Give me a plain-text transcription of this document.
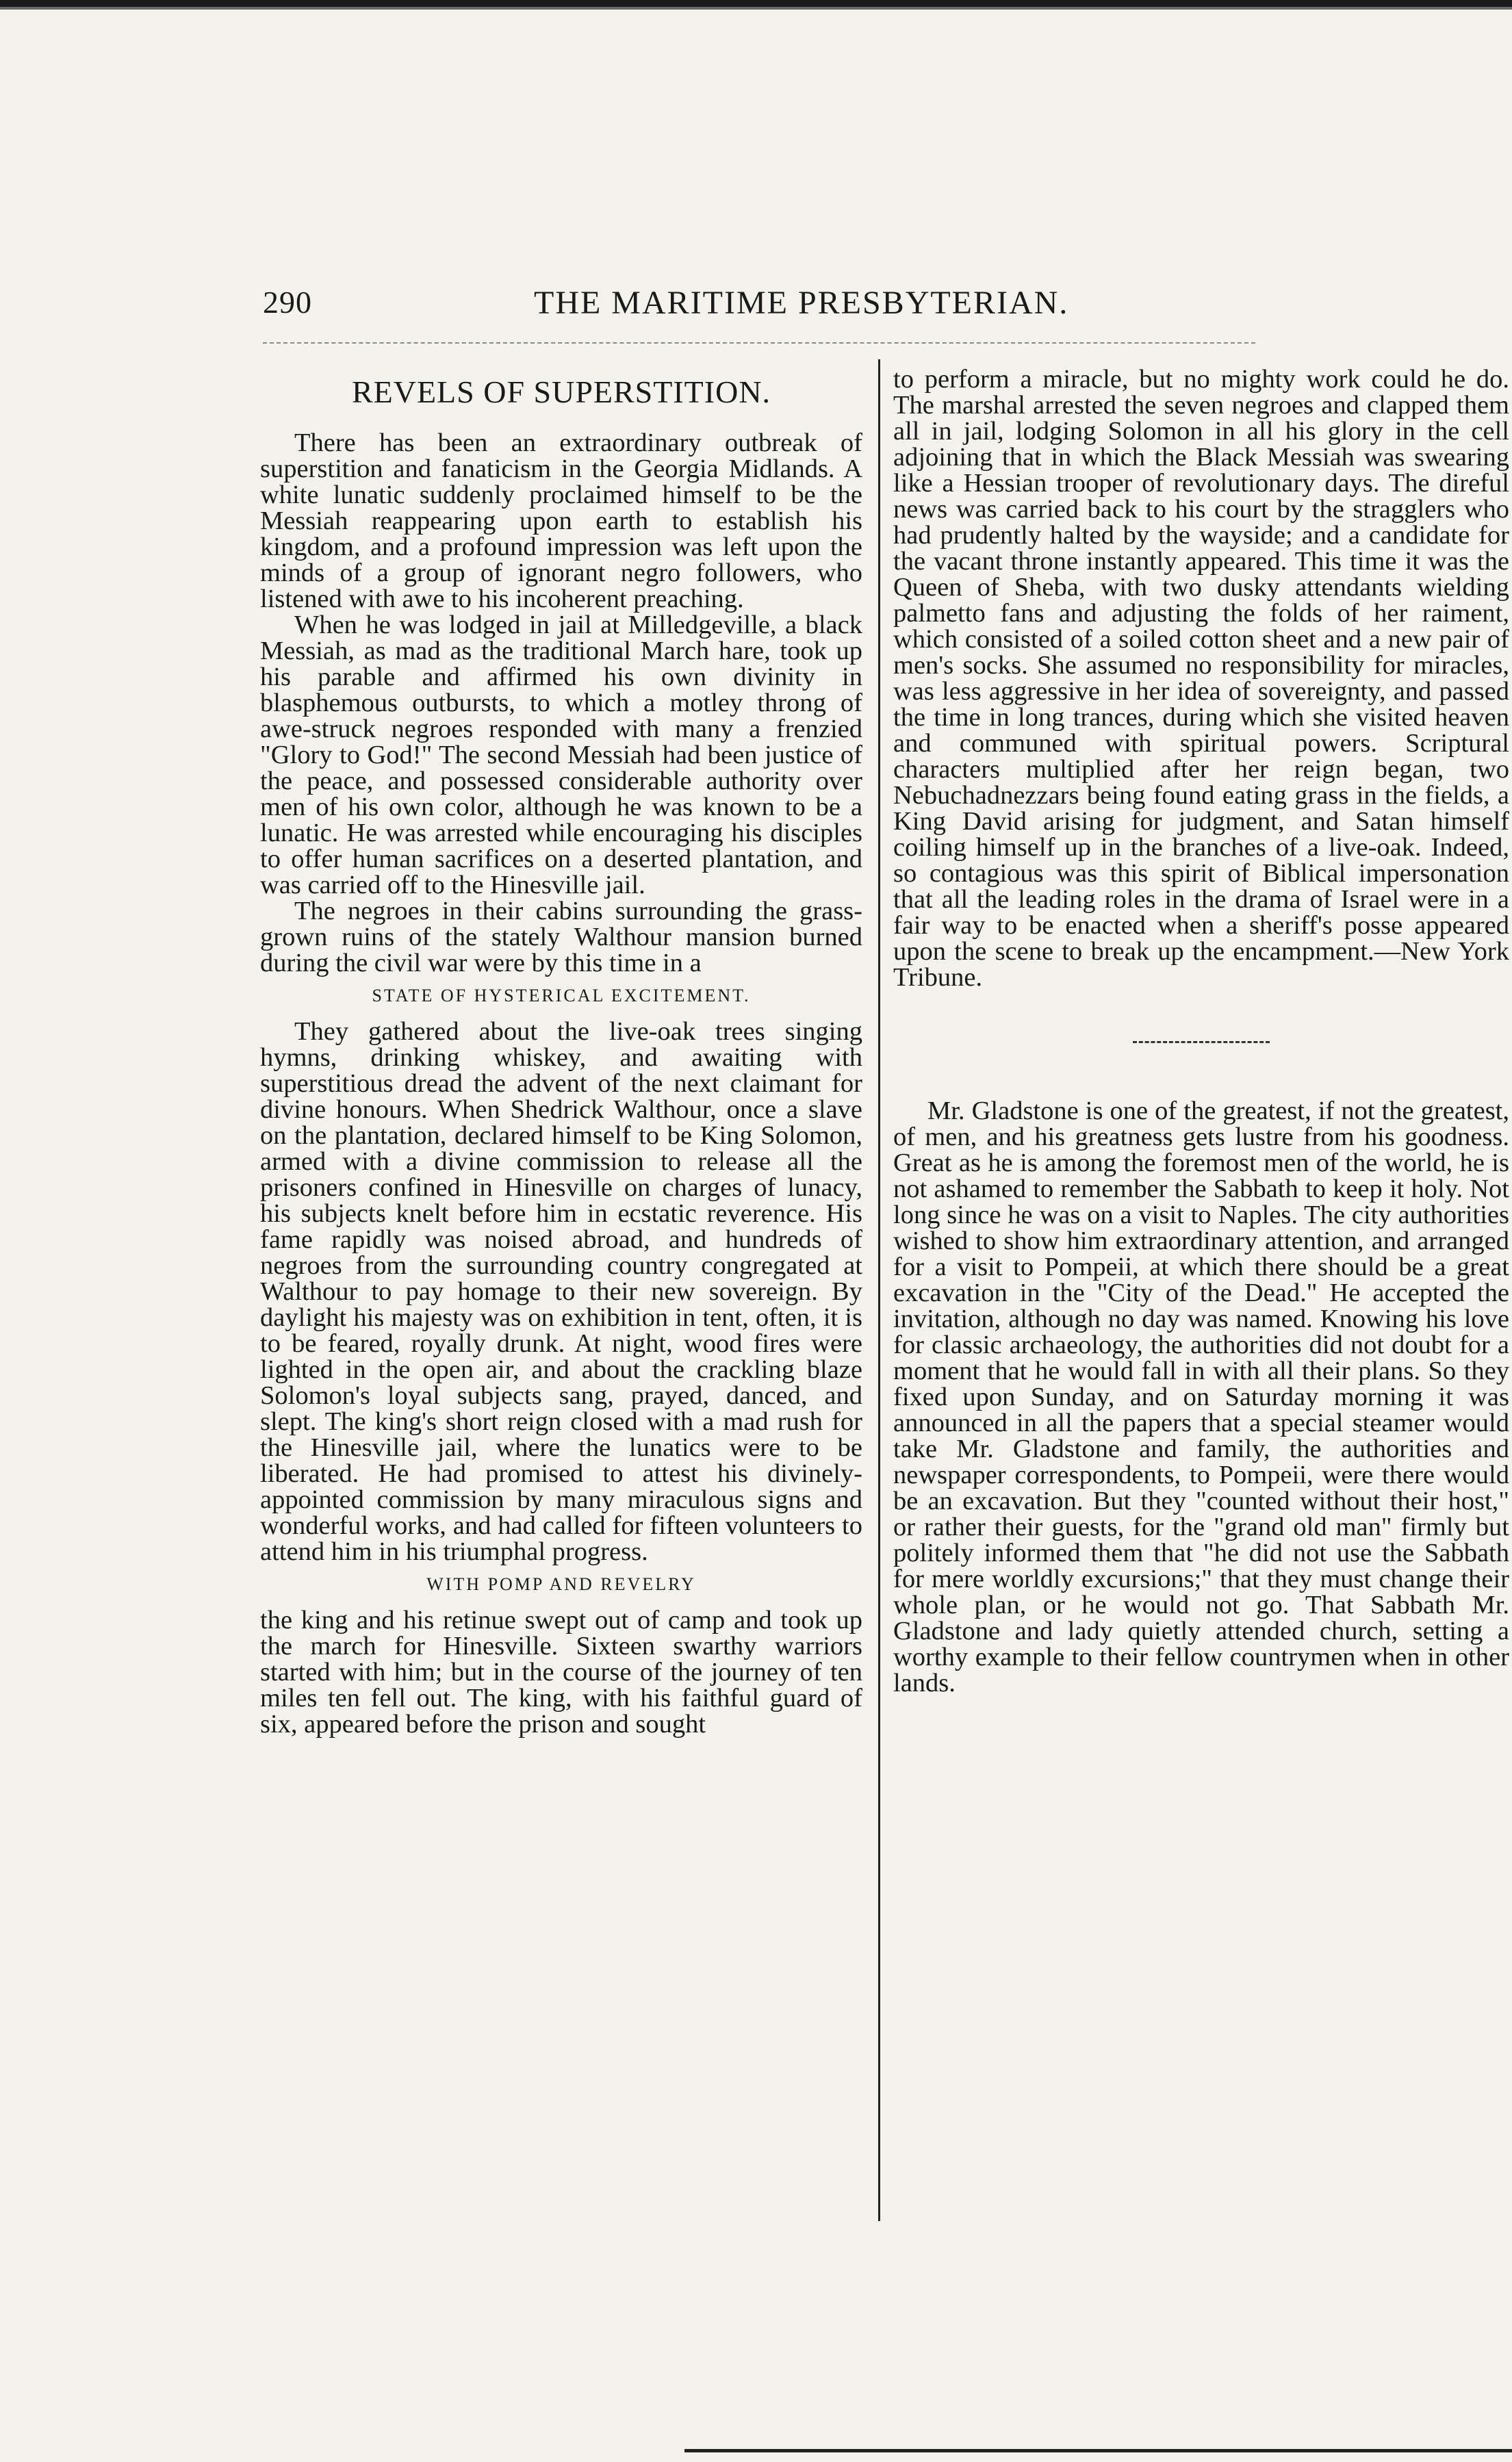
290	THE MARITIME PRESBYTERIAN.
REVELS OF SUPERSTITION.

There has been an extraordinary outbreak of superstition and fanaticism in the Georgia Midlands. A white lunatic suddenly proclaimed himself to be the Messiah reappearing upon earth to establish his kingdom, and a profound impression was left upon the minds of a group of ignorant negro followers, who listened with awe to his incoherent preaching.

When he was lodged in jail at Milledgeville, a black Messiah, as mad as the traditional March hare, took up his parable and affirmed his own divinity in blasphemous outbursts, to which a motley throng of awe-struck negroes responded with many a frenzied "Glory to God!" The second Messiah had been justice of the peace, and possessed considerable authority over men of his own color, although he was known to be a lunatic. He was arrested while encouraging his disciples to offer human sacrifices on a deserted plantation, and was carried off to the Hinesville jail.

The negroes in their cabins surrounding the grass-grown ruins of the stately Walthour mansion burned during the civil war were by this time in a

STATE OF HYSTERICAL EXCITEMENT.

They gathered about the live-oak trees singing hymns, drinking whiskey, and awaiting with superstitious dread the advent of the next claimant for divine honours. When Shedrick Walthour, once a slave on the plantation, declared himself to be King Solomon, armed with a divine commission to release all the prisoners confined in Hinesville on charges of lunacy, his subjects knelt before him in ecstatic reverence. His fame rapidly was noised abroad, and hundreds of negroes from the surrounding country congregated at Walthour to pay homage to their new sovereign. By daylight his majesty was on exhibition in tent, often, it is to be feared, royally drunk. At night, wood fires were lighted in the open air, and about the crackling blaze Solomon's loyal subjects sang, prayed, danced, and slept. The king's short reign closed with a mad rush for the Hinesville jail, where the lunatics were to be liberated. He had promised to attest his divinely-appointed commission by many miraculous signs and wonderful works, and had called for fifteen volunteers to attend him in his triumphal progress.

WITH POMP AND REVELRY

the king and his retinue swept out of camp and took up the march for Hinesville. Sixteen swarthy warriors started with him; but in the course of the journey of ten miles ten fell out. The king, with his faithful guard of six, appeared before the prison and sought

to perform a miracle, but no mighty work could he do. The marshal arrested the seven negroes and clapped them all in jail, lodging Solomon in all his glory in the cell adjoining that in which the Black Messiah was swearing like a Hessian trooper of revolutionary days. The direful news was carried back to his court by the stragglers who had prudently halted by the wayside; and a candidate for the vacant throne instantly appeared. This time it was the Queen of Sheba, with two dusky attendants wielding palmetto fans and adjusting the folds of her raiment, which consisted of a soiled cotton sheet and a new pair of men's socks. She assumed no responsibility for miracles, was less aggressive in her idea of sovereignty, and passed the time in long trances, during which she visited heaven and communed with spiritual powers. Scriptural characters multiplied after her reign began, two Nebuchadnezzars being found eating grass in the fields, a King David arising for judgment, and Satan himself coiling himself up in the branches of a live-oak. Indeed, so contagious was this spirit of Biblical impersonation that all the leading roles in the drama of Israel were in a fair way to be enacted when a sheriff's posse appeared upon the scene to break up the encampment.—New York Tribune.

Mr. Gladstone is one of the greatest, if not the greatest, of men, and his greatness gets lustre from his goodness. Great as he is among the foremost men of the world, he is not ashamed to remember the Sabbath to keep it holy. Not long since he was on a visit to Naples. The city authorities wished to show him extraordinary attention, and arranged for a visit to Pompeii, at which there should be a great excavation in the "City of the Dead." He accepted the invitation, although no day was named. Knowing his love for classic archaeology, the authorities did not doubt for a moment that he would fall in with all their plans. So they fixed upon Sunday, and on Saturday morning it was announced in all the papers that a special steamer would take Mr. Gladstone and family, the authorities and newspaper correspondents, to Pompeii, were there would be an excavation. But they "counted without their host," or rather their guests, for the "grand old man" firmly but politely informed them that "he did not use the Sabbath for mere worldly excursions;" that they must change their whole plan, or he would not go. That Sabbath Mr. Gladstone and lady quietly attended church, setting a worthy example to their fellow countrymen when in other lands.
